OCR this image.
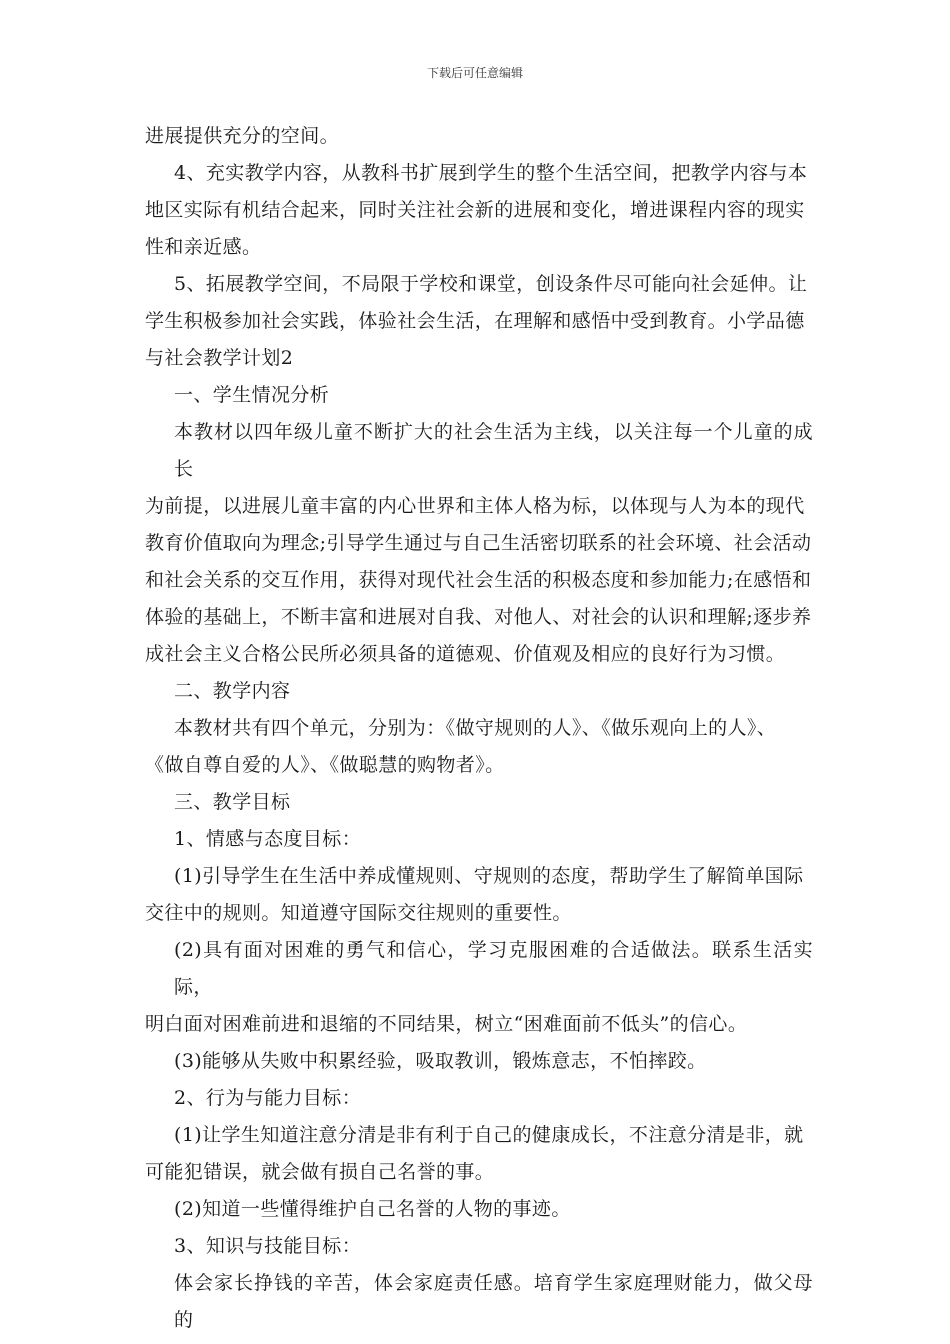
下载后可任意编辑
进展提供充分的空间。
4、充实教学内容，从教科书扩展到学生的整个生活空间，把教学内容与本
地区实际有机结合起来，同时关注社会新的进展和变化，增进课程内容的现实
性和亲近感。
5、拓展教学空间，不局限于学校和课堂，创设条件尽可能向社会延伸。让
学生积极参加社会实践，体验社会生活，在理解和感悟中受到教育。小学品德
与社会教学计划2
一、学生情况分析
本教材以四年级儿童不断扩大的社会生活为主线，以关注每一个儿童的成长
为前提，以进展儿童丰富的内心世界和主体人格为标，以体现与人为本的现代
教育价值取向为理念;引导学生通过与自己生活密切联系的社会环境、社会活动
和社会关系的交互作用，获得对现代社会生活的积极态度和参加能力;在感悟和
体验的基础上，不断丰富和进展对自我、对他人、对社会的认识和理解;逐步养
成社会主义合格公民所必须具备的道德观、价值观及相应的良好行为习惯。
二、教学内容
本教材共有四个单元，分别为：《做守规则的人》、《做乐观向上的人》、
《做自尊自爱的人》、《做聪慧的购物者》。
三、教学目标
1、情感与态度目标：
(1)引导学生在生活中养成懂规则、守规则的态度，帮助学生了解简单国际
交往中的规则。知道遵守国际交往规则的重要性。
(2)具有面对困难的勇气和信心，学习克服困难的合适做法。联系生活实际，
明白面对困难前进和退缩的不同结果，树立“困难面前不低头”的信心。
(3)能够从失败中积累经验，吸取教训，锻炼意志，不怕摔跤。
2、行为与能力目标：
(1)让学生知道注意分清是非有利于自己的健康成长，不注意分清是非，就
可能犯错误，就会做有损自己名誉的事。
(2)知道一些懂得维护自己名誉的人物的事迹。
3、知识与技能目标：
体会家长挣钱的辛苦，体会家庭责任感。培育学生家庭理财能力，做父母的
